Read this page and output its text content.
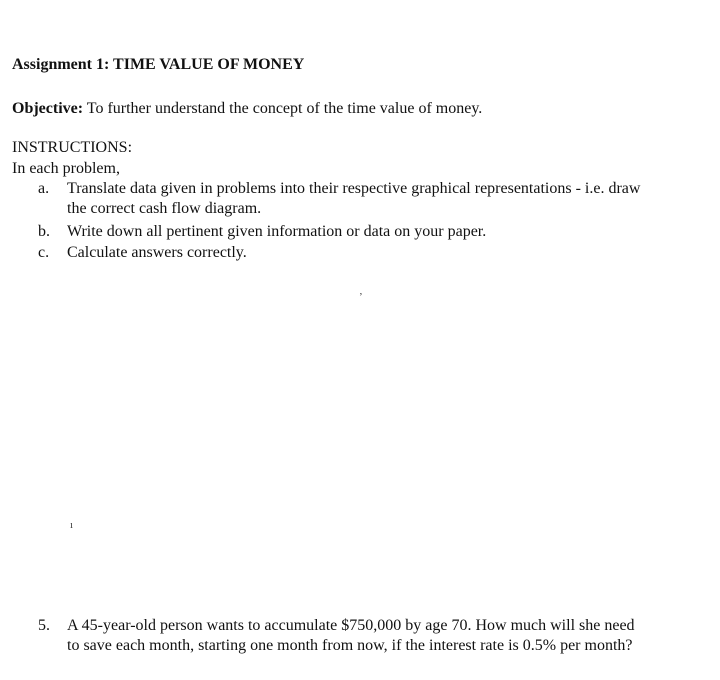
Assignment 1: TIME VALUE OF MONEY
Objective: To further understand the concept of the time value of money.
INSTRUCTIONS:
In each problem,
a.	Translate data given in problems into their respective graphical representations - i.e. draw
the correct cash flow diagram.
b.	Write down all pertinent given information or data on your paper.
c.	Calculate answers correctly.
ʼ
ı
5. A 45-year-old person wants to accumulate $750,000 by age 70. How much will she need
to save each month, starting one month from now, if the interest rate is 0.5% per month?
